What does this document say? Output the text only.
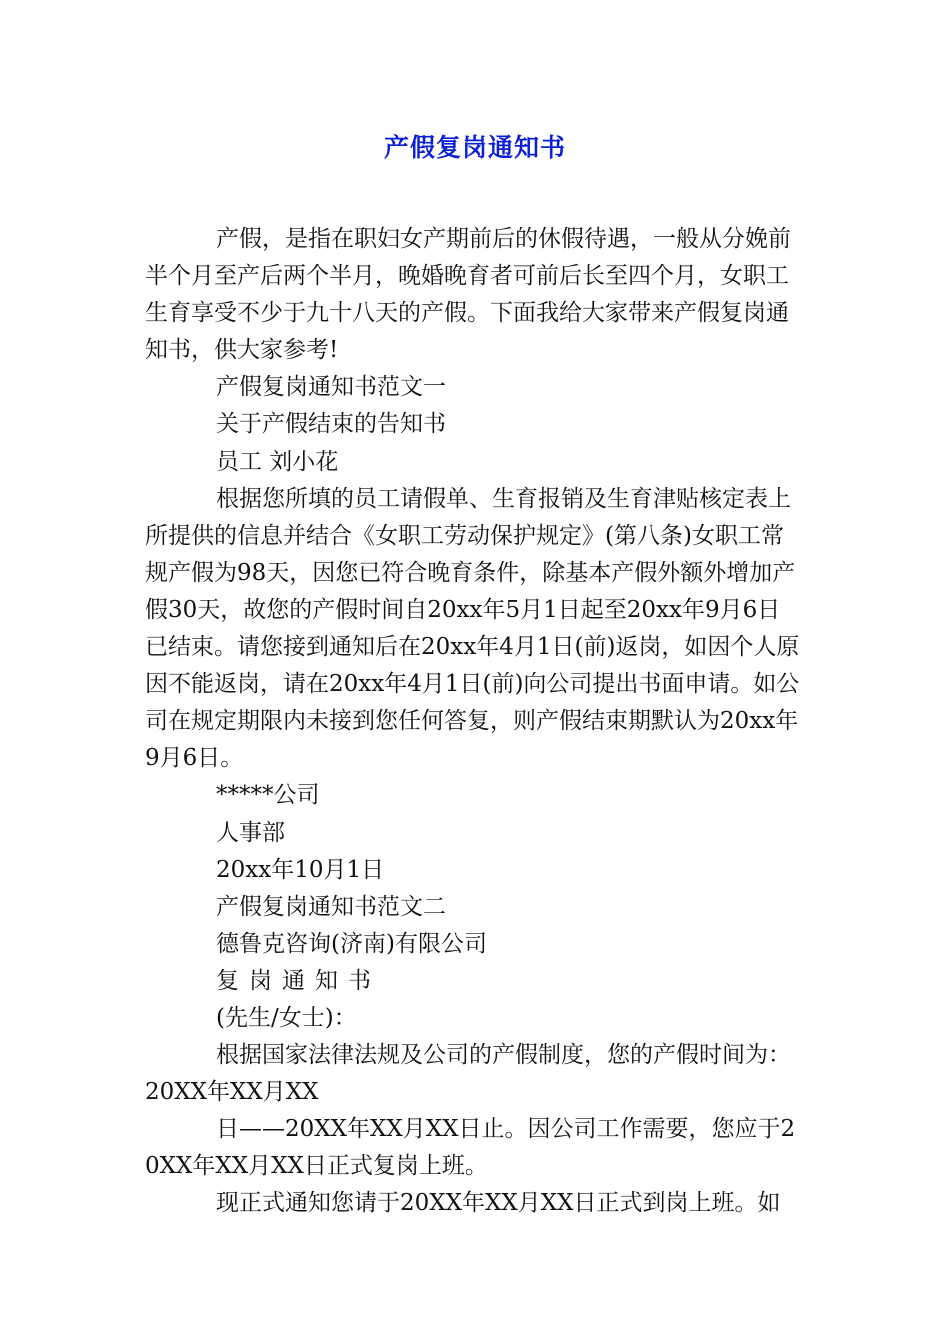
产假复岗通知书

产假，是指在职妇女产期前后的休假待遇，一般从分娩前半个月至产后两个半月，晚婚晚育者可前后长至四个月，女职工生育享受不少于九十八天的产假。下面我给大家带来产假复岗通知书，供大家参考!

产假复岗通知书范文一

关于产假结束的告知书

员工 刘小花

根据您所填的员工请假单、生育报销及生育津贴核定表上所提供的信息并结合《女职工劳动保护规定》(第八条)女职工常规产假为98天，因您已符合晚育条件，除基本产假外额外增加产假30天，故您的产假时间自20xx年5月1日起至20xx年9月6日已结束。请您接到通知后在20xx年4月1日(前)返岗，如因个人原因不能返岗，请在20xx年4月1日(前)向公司提出书面申请。如公司在规定期限内未接到您任何答复，则产假结束期默认为20xx年9月6日。

*****公司

人事部

20xx年10月1日

产假复岗通知书范文二

德鲁克咨询(济南)有限公司

复岗通知书

(先生/女士)：

根据国家法律法规及公司的产假制度，您的产假时间为：20XX年XX月XX

日——20XX年XX月XX日止。因公司工作需要，您应于20XX年XX月XX日正式复岗上班。

现正式通知您请于20XX年XX月XX日正式到岗上班。如
